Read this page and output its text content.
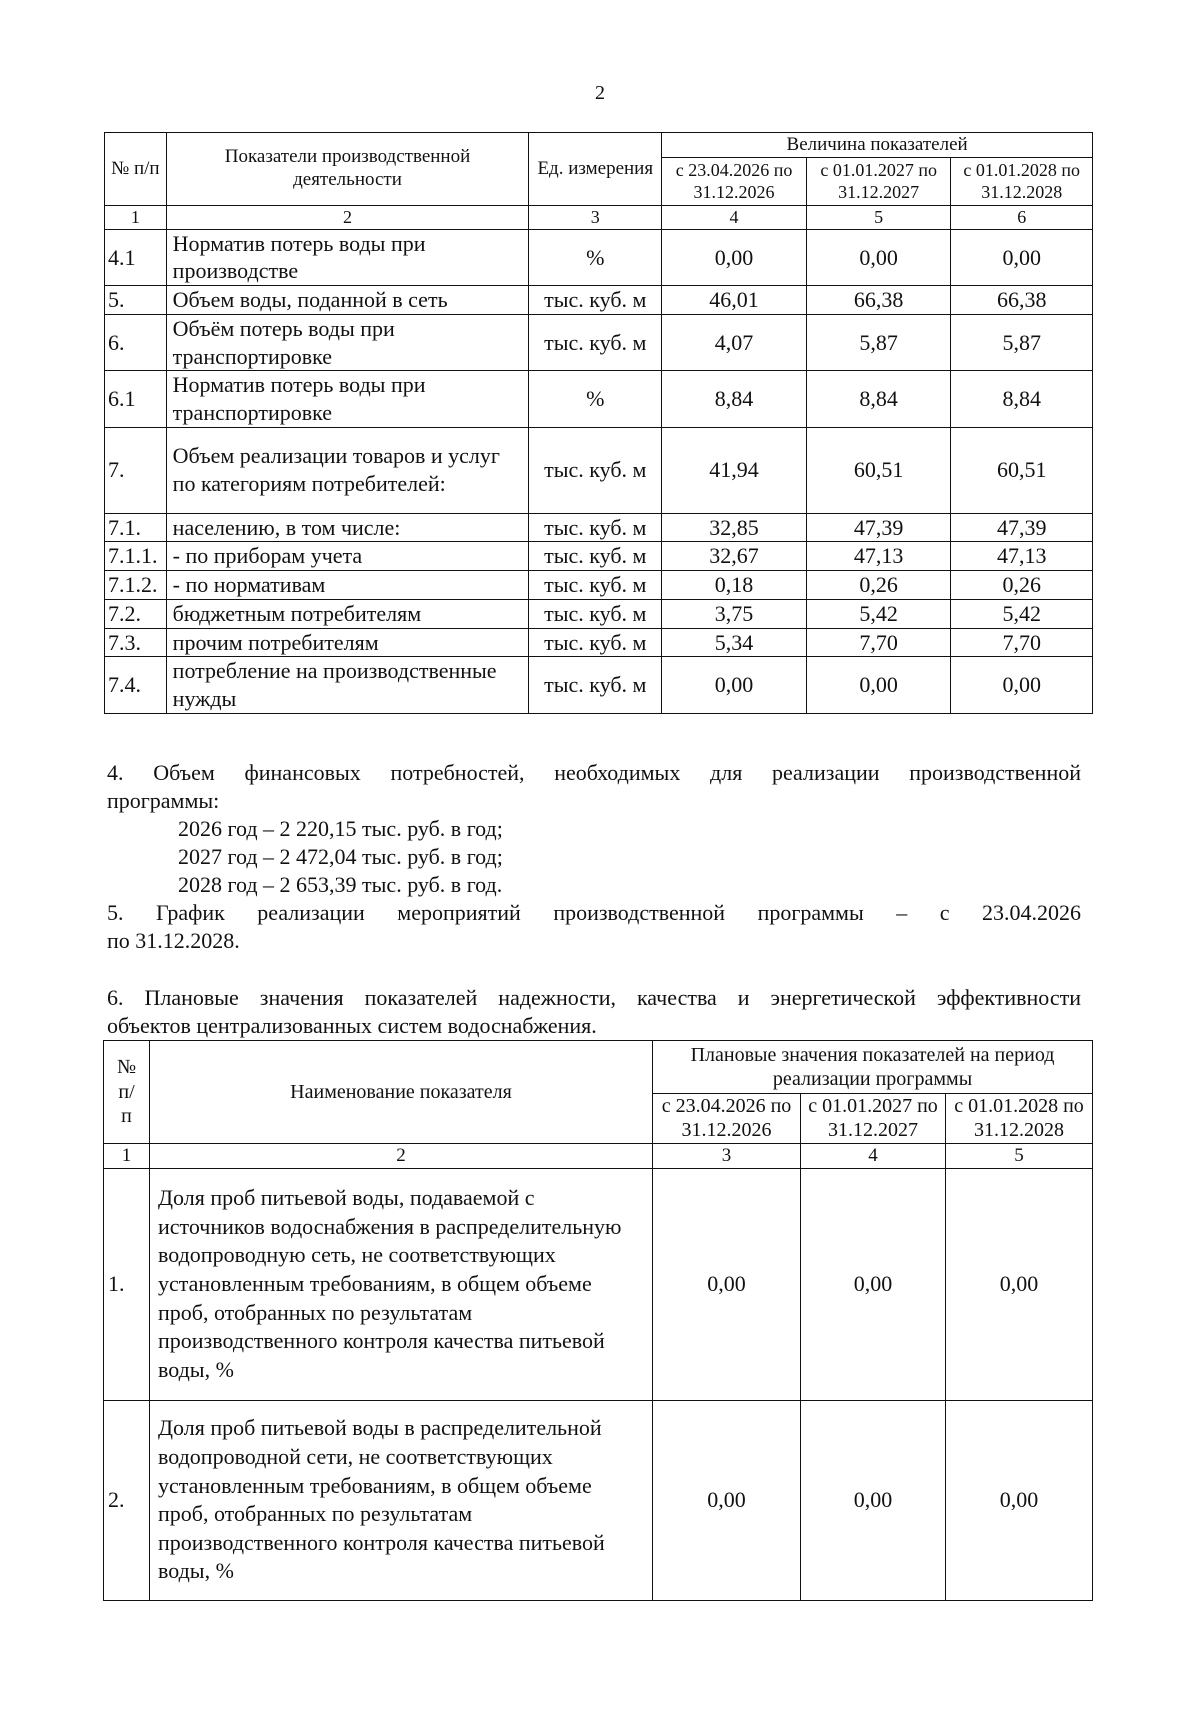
2
№ п/п	Показатели производственной деятельности	Ед. измерения	Величина показателей		
			с 23.04.2026 по 31.12.2026	с 01.01.2027 по 31.12.2027	с 01.01.2028 по 31.12.2028
1	2	3	4	5	6
4.1	Норматив потерь воды при производстве	%	0,00	0,00	0,00
5.	Объем воды, поданной в сеть	тыс. куб. м	46,01	66,38	66,38
6.	Объём потерь воды при транспортировке	тыс. куб. м	4,07	5,87	5,87
6.1	Норматив потерь воды при транспортировке	%	8,84	8,84	8,84
7.	Объем реализации товаров и услуг по категориям потребителей:	тыс. куб. м	41,94	60,51	60,51
7.1.	населению, в том числе:	тыс. куб. м	32,85	47,39	47,39
7.1.1.	- по приборам учета	тыс. куб. м	32,67	47,13	47,13
7.1.2.	- по нормативам	тыс. куб. м	0,18	0,26	0,26
7.2.	бюджетным потребителям	тыс. куб. м	3,75	5,42	5,42
7.3.	прочим потребителям	тыс. куб. м	5,34	7,70	7,70
7.4.	потребление на производственные нужды	тыс. куб. м	0,00	0,00	0,00
4. Объем финансовых потребностей, необходимых для реализации производственной
программы:
2026 год – 2 220,15 тыс. руб. в год;
2027 год – 2 472,04 тыс. руб. в год;
2028 год – 2 653,39 тыс. руб. в год.
5. График реализации мероприятий производственной программы – с 23.04.2026
по 31.12.2028.
6. Плановые значения показателей надежности, качества и энергетической эффективности
объектов централизованных систем водоснабжения.
№ п/п	Наименование показателя	Плановые значения показателей на период реализации программы		
		с 23.04.2026 по 31.12.2026	с 01.01.2027 по 31.12.2027	с 01.01.2028 по 31.12.2028
1	2	3	4	5
1.	Доля проб питьевой воды, подаваемой с источников водоснабжения в распределительную водопроводную сеть, не соответствующих установленным требованиям, в общем объеме проб, отобранных по результатам производственного контроля качества питьевой воды, %	0,00	0,00	0,00
2.	Доля проб питьевой воды в распределительной водопроводной сети, не соответствующих установленным требованиям, в общем объеме проб, отобранных по результатам производственного контроля качества питьевой воды, %	0,00	0,00	0,00
